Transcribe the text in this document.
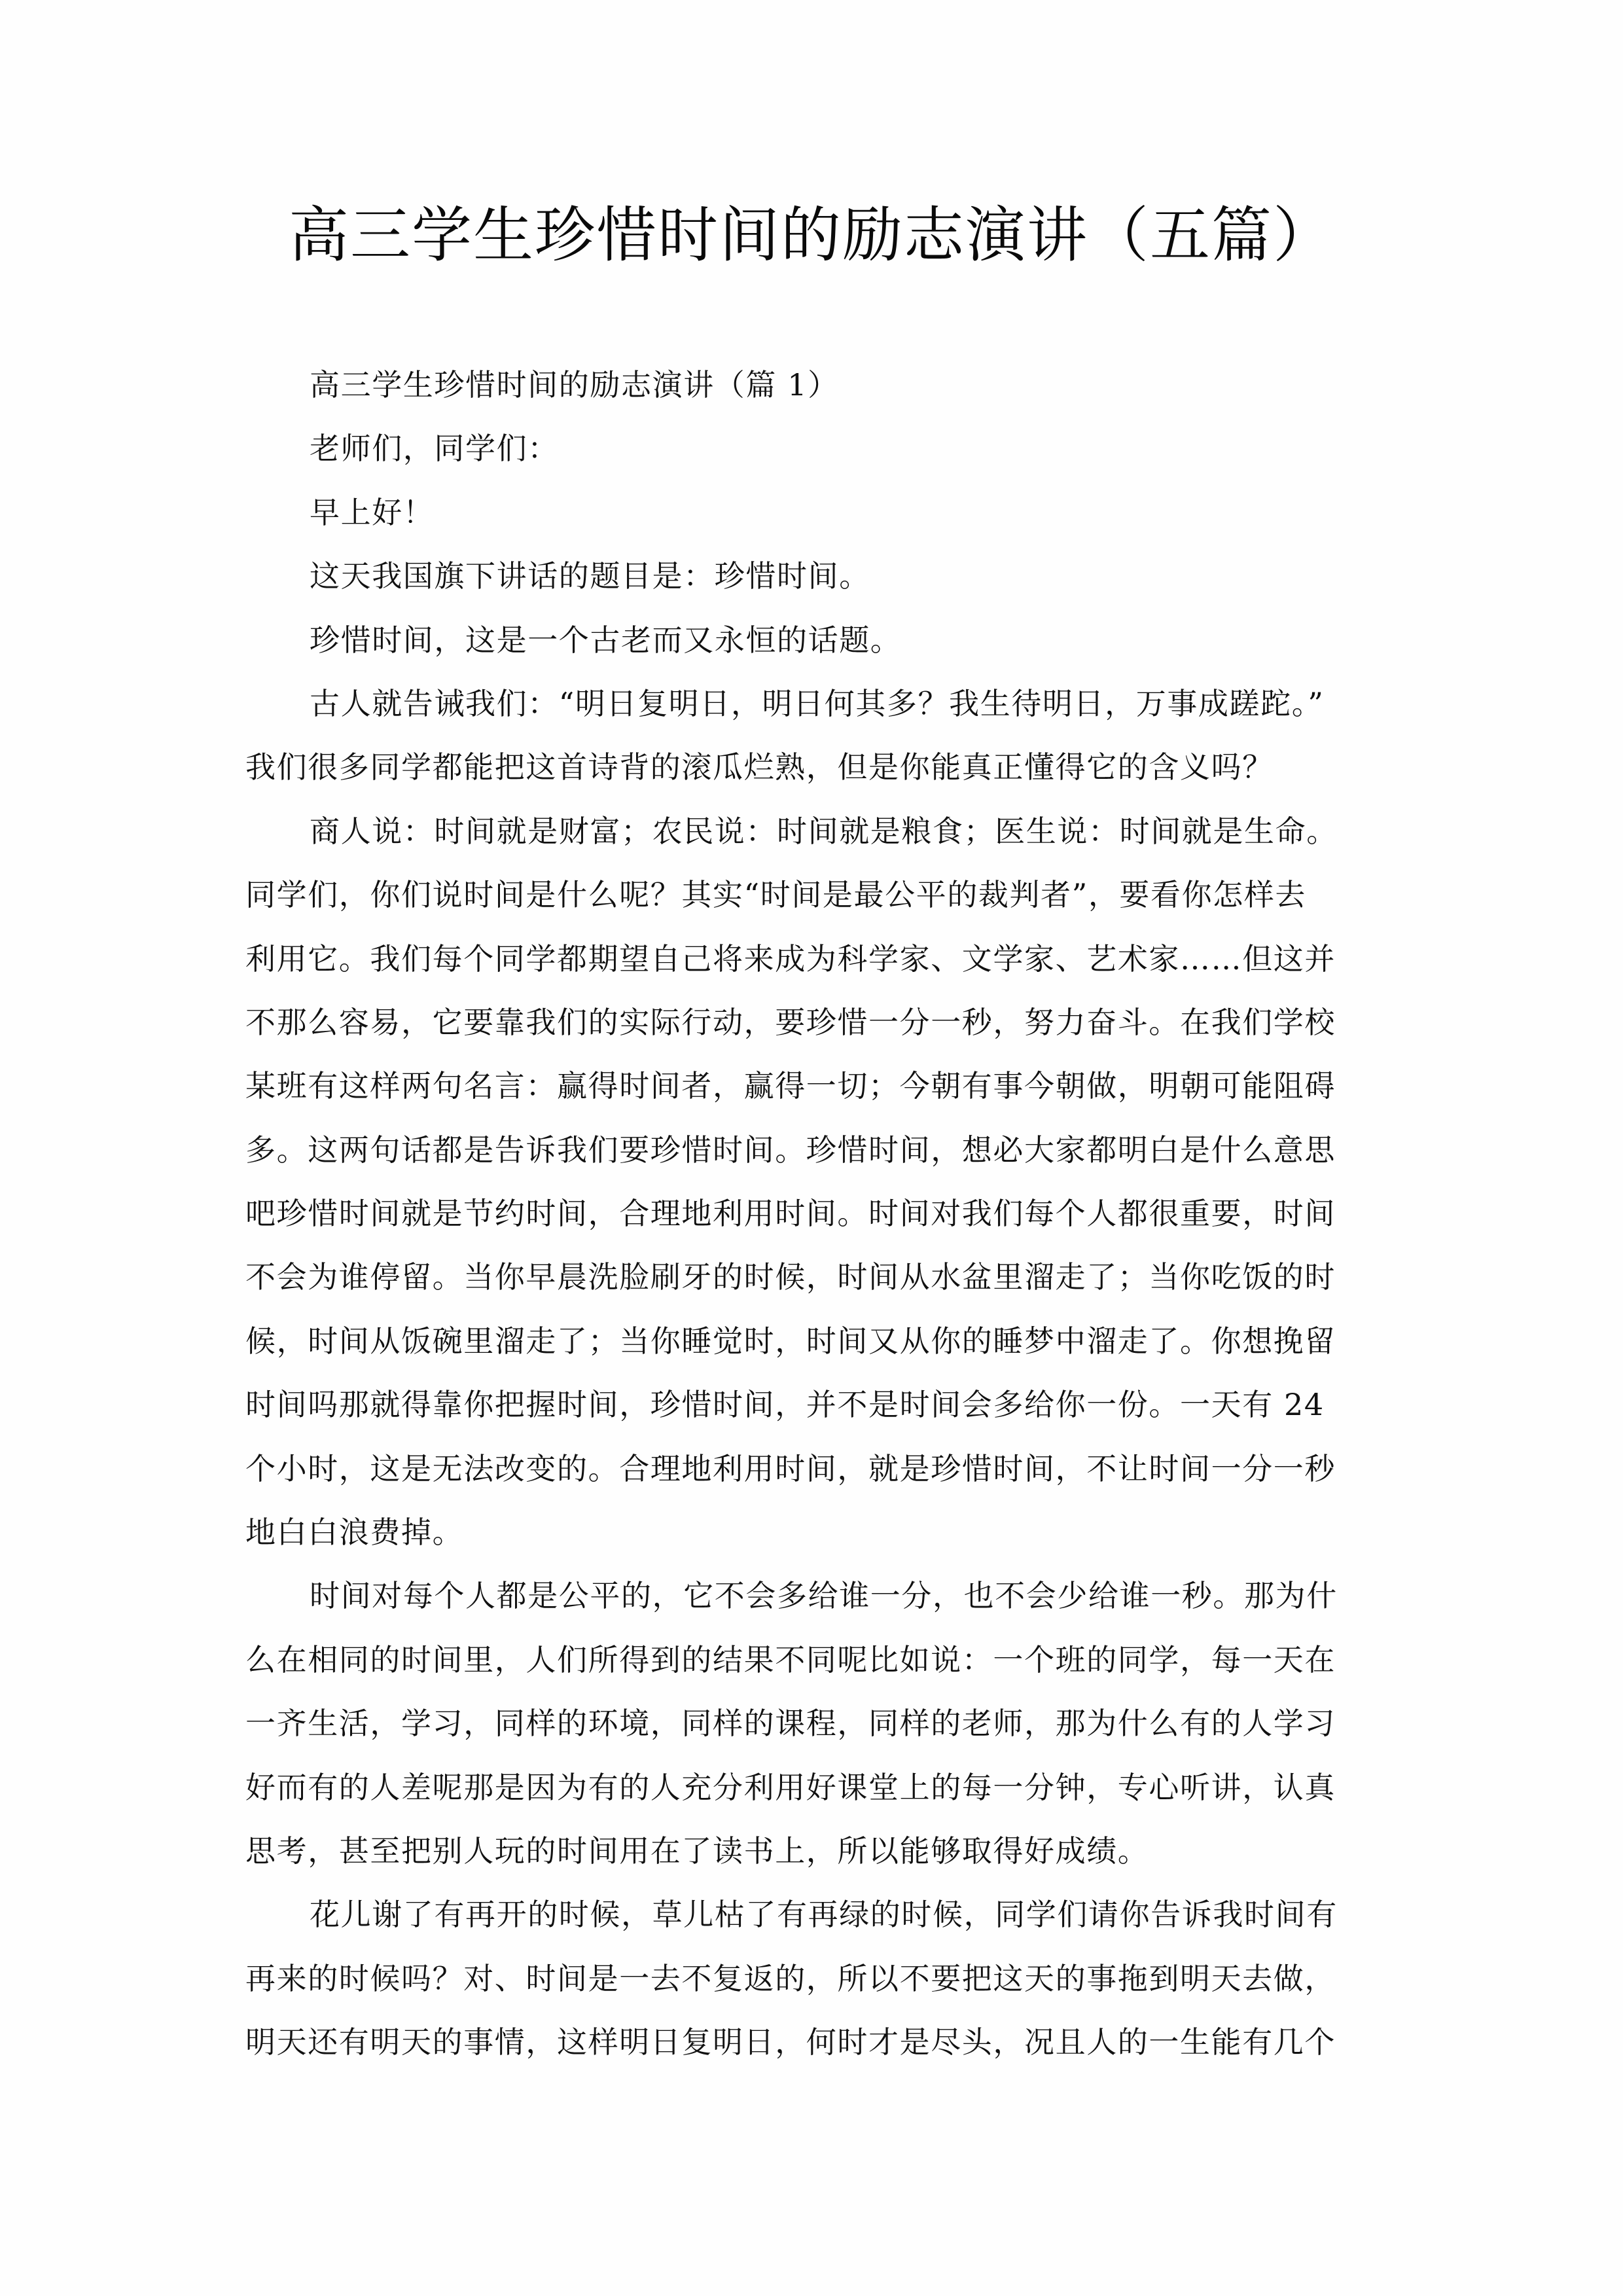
高三学生珍惜时间的励志演讲（五篇）
高三学生珍惜时间的励志演讲（篇 1）
老师们，同学们：
早上好！
这天我国旗下讲话的题目是：珍惜时间。
珍惜时间，这是一个古老而又永恒的话题。
古人就告诫我们：“明日复明日，明日何其多？我生待明日，万事成蹉跎。”
我们很多同学都能把这首诗背的滚瓜烂熟，但是你能真正懂得它的含义吗？
商人说：时间就是财富；农民说：时间就是粮食；医生说：时间就是生命。
同学们，你们说时间是什么呢？其实“时间是最公平的裁判者”，要看你怎样去
利用它。我们每个同学都期望自己将来成为科学家、文学家、艺术家……但这并
不那么容易，它要靠我们的实际行动，要珍惜一分一秒，努力奋斗。在我们学校
某班有这样两句名言：赢得时间者，赢得一切；今朝有事今朝做，明朝可能阻碍
多。这两句话都是告诉我们要珍惜时间。珍惜时间，想必大家都明白是什么意思
吧珍惜时间就是节约时间，合理地利用时间。时间对我们每个人都很重要，时间
不会为谁停留。当你早晨洗脸刷牙的时候，时间从水盆里溜走了；当你吃饭的时
候，时间从饭碗里溜走了；当你睡觉时，时间又从你的睡梦中溜走了。你想挽留
时间吗那就得靠你把握时间，珍惜时间，并不是时间会多给你一份。一天有 24
个小时，这是无法改变的。合理地利用时间，就是珍惜时间，不让时间一分一秒
地白白浪费掉。
时间对每个人都是公平的，它不会多给谁一分，也不会少给谁一秒。那为什
么在相同的时间里，人们所得到的结果不同呢比如说：一个班的同学，每一天在
一齐生活，学习，同样的环境，同样的课程，同样的老师，那为什么有的人学习
好而有的人差呢那是因为有的人充分利用好课堂上的每一分钟，专心听讲，认真
思考，甚至把别人玩的时间用在了读书上，所以能够取得好成绩。
花儿谢了有再开的时候，草儿枯了有再绿的时候，同学们请你告诉我时间有
再来的时候吗？对、时间是一去不复返的，所以不要把这天的事拖到明天去做，
明天还有明天的事情，这样明日复明日，何时才是尽头，况且人的一生能有几个
